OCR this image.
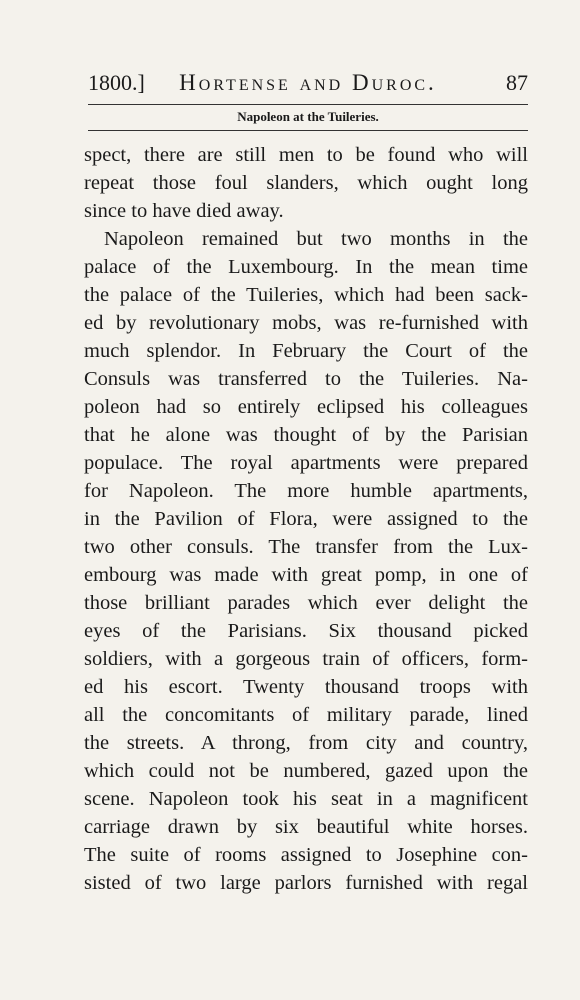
1800.]	Hortense and Duroc.	87
Napoleon at the Tuileries.
spect, there are still men to be found who will
repeat those foul slanders, which ought long
since to have died away.
Napoleon remained but two months in the
palace of the Luxembourg. In the mean time
the palace of the Tuileries, which had been sack-
ed by revolutionary mobs, was re-furnished with
much splendor. In February the Court of the
Consuls was transferred to the Tuileries. Na-
poleon had so entirely eclipsed his colleagues
that he alone was thought of by the Parisian
populace. The royal apartments were prepared
for Napoleon. The more humble apartments,
in the Pavilion of Flora, were assigned to the
two other consuls. The transfer from the Lux-
embourg was made with great pomp, in one of
those brilliant parades which ever delight the
eyes of the Parisians. Six thousand picked
soldiers, with a gorgeous train of officers, form-
ed his escort. Twenty thousand troops with
all the concomitants of military parade, lined
the streets. A throng, from city and country,
which could not be numbered, gazed upon the
scene. Napoleon took his seat in a magnificent
carriage drawn by six beautiful white horses.
The suite of rooms assigned to Josephine con-
sisted of two large parlors furnished with regal
